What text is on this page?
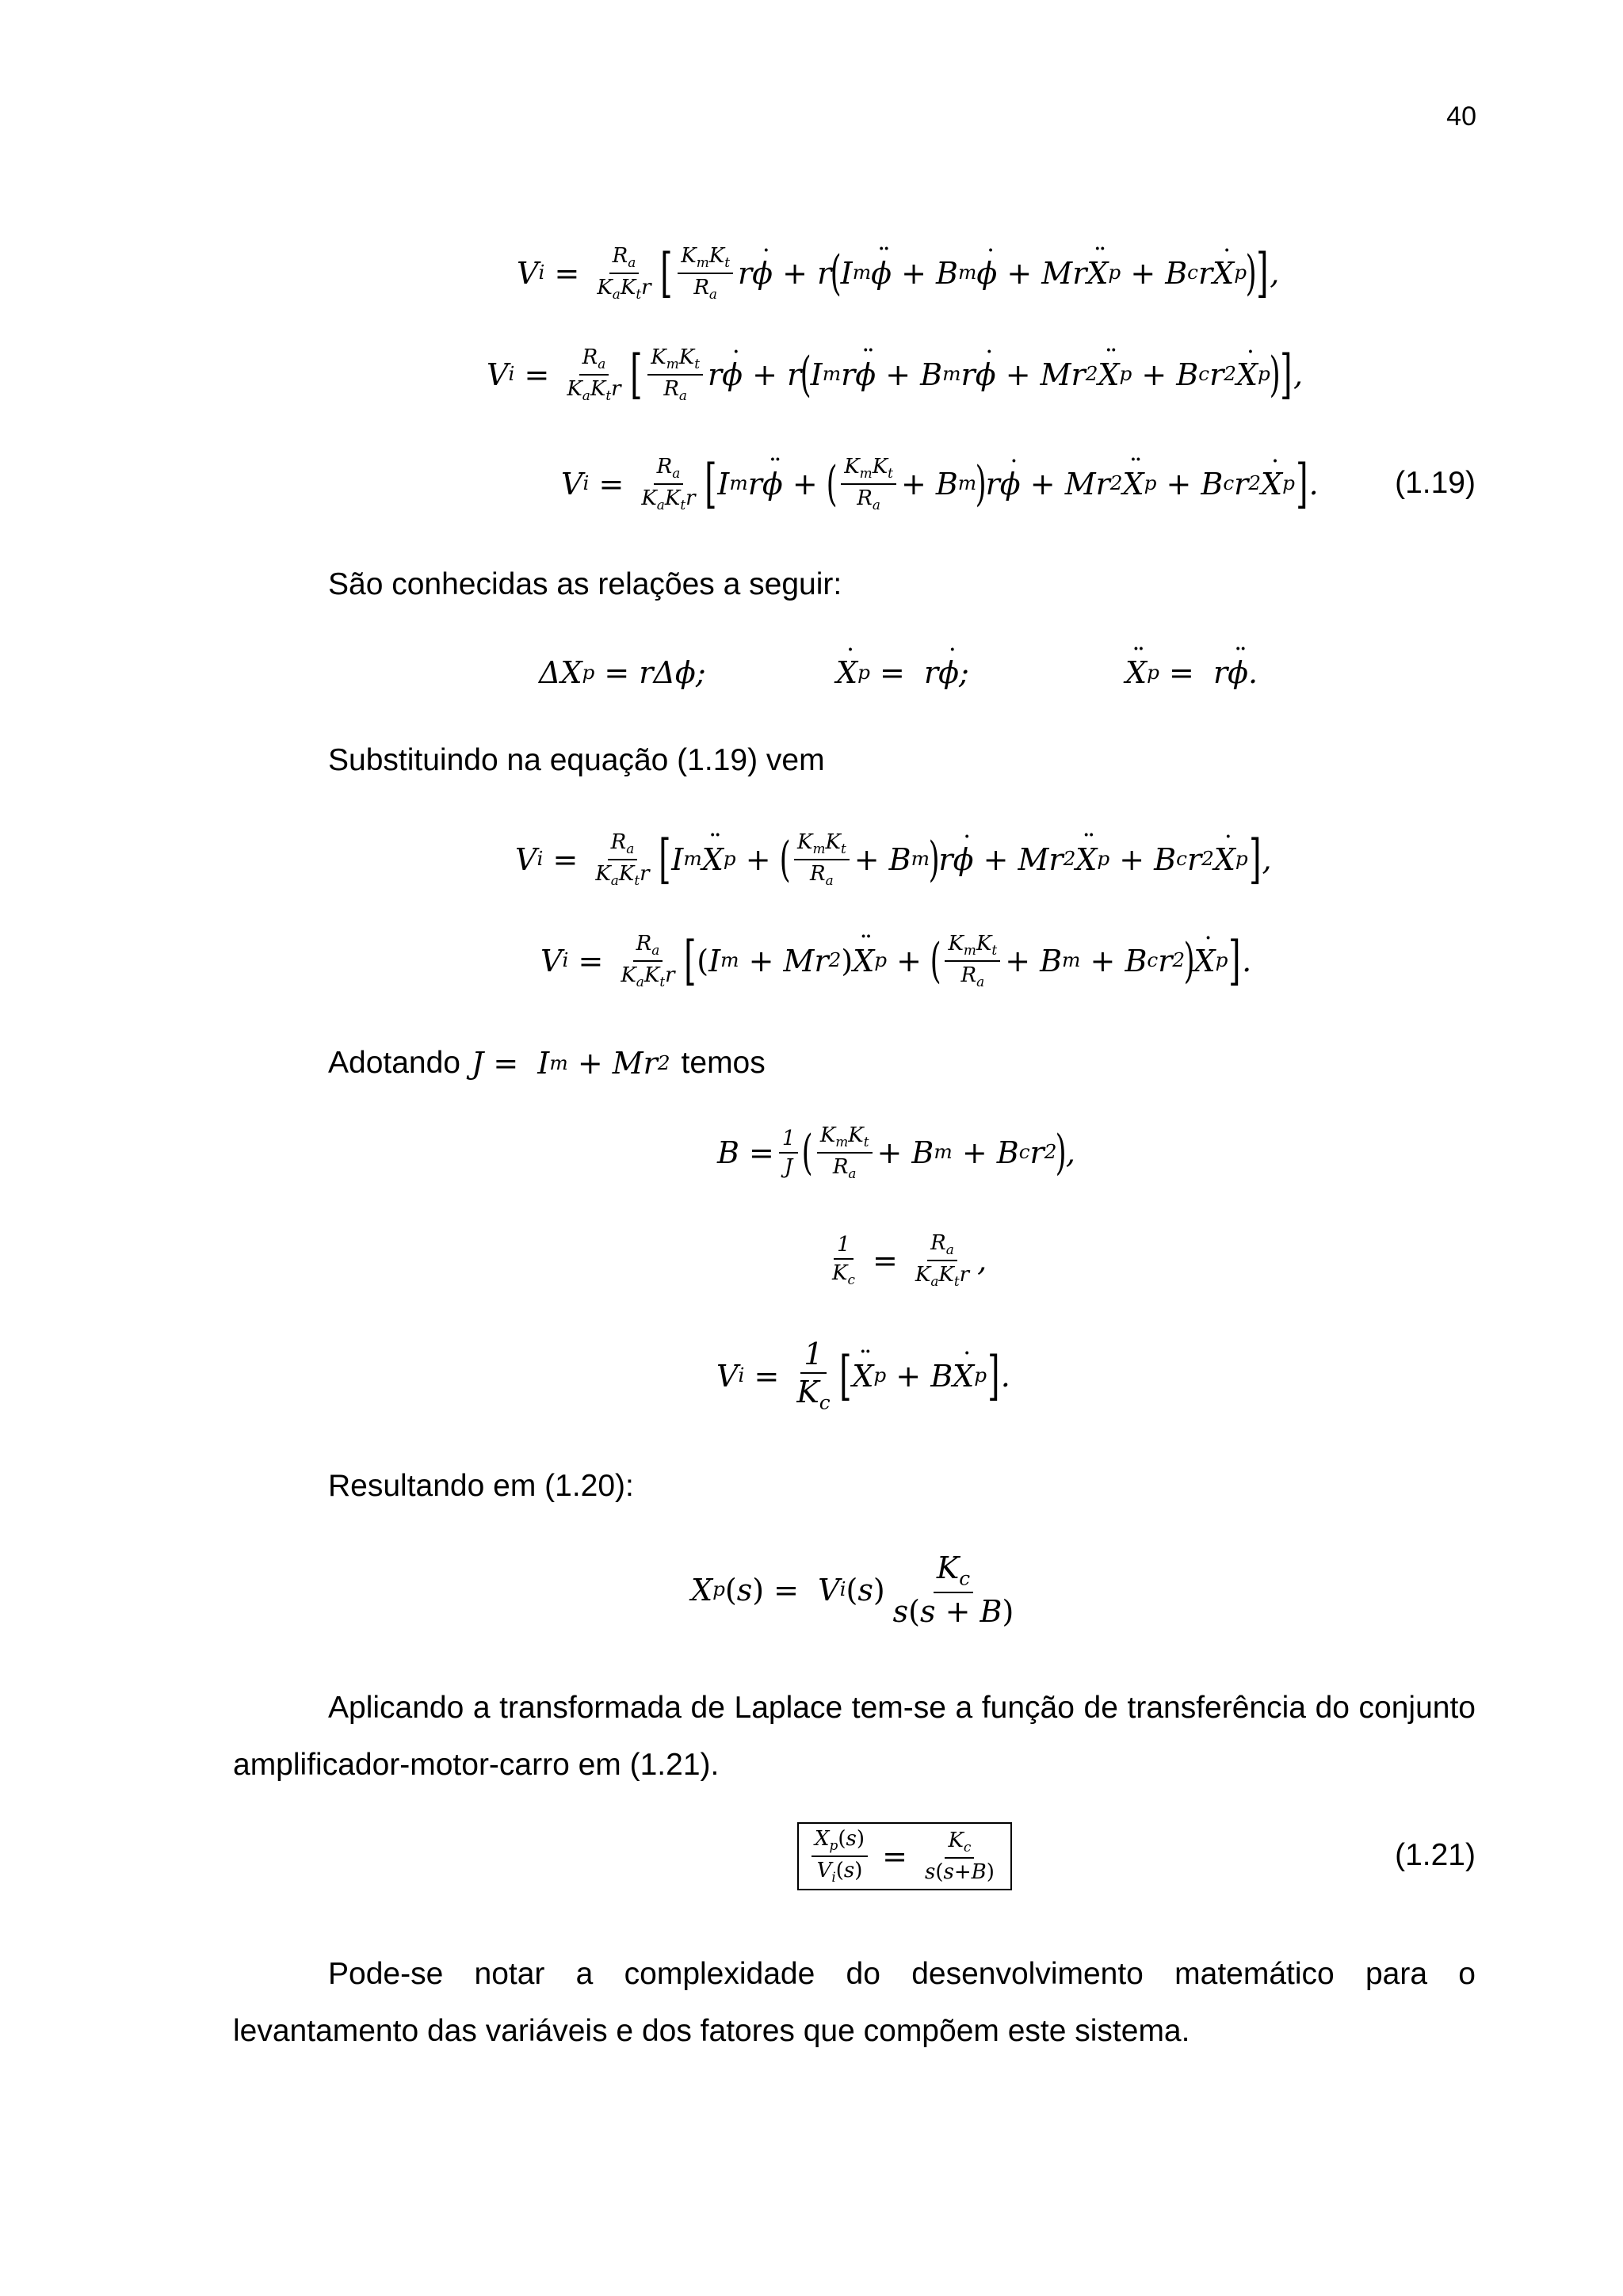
40
V $i = \frac{R_a}{K_aK_tr}$ [ $\frac{K_mK_t}{R_a}$ r ϕ ˙ + r
(
I m ϕ ¨ + B m ϕ ˙ + Mr X ¨ p + B c r X ˙ p
) ] ,
V $i = \frac{R_a}{K_aK_tr}$ [ $\frac{K_mK_t}{R_a}$ r ϕ ˙ + r
(
I m r ϕ ¨ + B m r ϕ ˙ + Mr 2 X ¨ p + B c r 2 X ˙ p
) ] ,
V $i = \frac{R_a}{K_aK_tr}$ [ I m r ϕ ¨ +
( $\frac{K_mK_t}{R_a} + B$ m
)
r ϕ ˙ + Mr 2 X ¨ p + B c r 2 X ˙ p ] . (1.19)
São conhecidas as relações a seguir:
ΔX p = rΔϕ;	X ˙ p =  r ϕ ˙ ;	X ¨ p =  r ϕ ¨ .
Substituindo na equação (1.19) vem
V $i = \frac{R_a}{K_aK_tr}$ [ I m X ¨ p +
( $\frac{K_mK_t}{R_a} + B$ m
)
r ϕ ˙ + Mr 2 X ¨ p + B c r 2 X ˙ p ] ,
V $i = \frac{R_a}{K_aK_tr}$ [ ( I m + Mr 2 ) X ¨ p +
( $\frac{K_mK_t}{R_a} + B$ m + B c r 2
)
X ˙ p ] .
Adotando J =  I m + Mr 2 temos
$B = \frac{1}{J}$ ( $\frac{K_mK_t}{R_a} + B$ m + B c r 2
)
,
$\frac{1}{K_c} = \frac{R_a}{K_aK_tr}$ ,
V $i = \frac{1}{K_c}$ [ X ¨ p + B X ˙ p ] .
Resultando em (1.20):
X p ( s ) =  V i ( s ) $\frac{K_c}{s(s + B)}$
Aplicando a transformada de Laplace tem-se a função de transferência do conjunto amplificador-motor-carro em (1.21).
$\frac{X_p(s)}{V_i(s)} = \frac{K_c}{s(s+B)}$	(1.21)
Pode-se notar a complexidade do desenvolvimento matemático para o levantamento das variáveis e dos fatores que compõem este sistema.
